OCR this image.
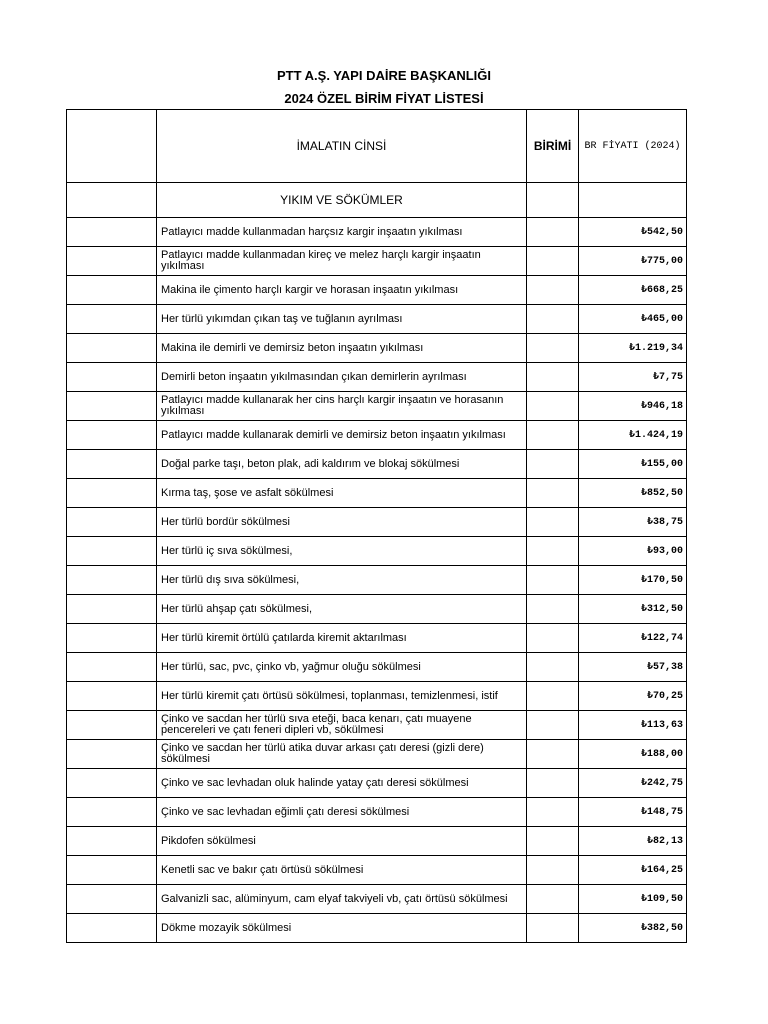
PTT A.Ş. YAPI DAİRE BAŞKANLIĞI
2024 ÖZEL BİRİM FİYAT LİSTESİ
	İMALATIN CİNSİ	BİRİMİ	BR FİYATI (2024)
	YIKIM VE SÖKÜMLER		
	Patlayıcı madde kullanmadan harçsız kargir inşaatın yıkılması		₺542,50
	Patlayıcı madde kullanmadan kireç ve melez harçlı kargir inşaatın yıkılması		₺775,00
	Makina ile çimento harçlı kargir ve horasan inşaatın yıkılması		₺668,25
	Her türlü yıkımdan çıkan taş ve tuğlanın ayrılması		₺465,00
	Makina ile demirli ve demirsiz beton inşaatın yıkılması		₺1.219,34
	Demirli beton inşaatın yıkılmasından çıkan demirlerin ayrılması		₺7,75
	Patlayıcı madde kullanarak her cins harçlı kargir inşaatın ve horasanın yıkılması		₺946,18
	Patlayıcı madde kullanarak demirli ve demirsiz beton inşaatın yıkılması		₺1.424,19
	Doğal parke taşı, beton plak, adi kaldırım ve blokaj sökülmesi		₺155,00
	Kırma taş, şose ve asfalt sökülmesi		₺852,50
	Her türlü bordür sökülmesi		₺38,75
	Her türlü iç sıva sökülmesi,		₺93,00
	Her türlü dış sıva sökülmesi,		₺170,50
	Her türlü ahşap çatı sökülmesi,		₺312,50
	Her türlü kiremit örtülü çatılarda kiremit aktarılması		₺122,74
	Her türlü, sac, pvc, çinko vb, yağmur oluğu sökülmesi		₺57,38
	Her türlü kiremit çatı örtüsü sökülmesi, toplanması, temizlenmesi, istif		₺70,25
	Çinko ve sacdan her türlü sıva eteği, baca kenarı, çatı muayene pencereleri ve çatı feneri dipleri vb, sökülmesi		₺113,63
	Çinko ve sacdan her türlü atika duvar arkası çatı deresi (gizli dere) sökülmesi		₺188,00
	Çinko ve sac levhadan oluk halinde yatay çatı deresi sökülmesi		₺242,75
	Çinko ve sac levhadan eğimli çatı deresi sökülmesi		₺148,75
	Pikdofen sökülmesi		₺82,13
	Kenetli sac ve bakır çatı örtüsü sökülmesi		₺164,25
	Galvanizli sac, alüminyum, cam elyaf takviyeli vb, çatı örtüsü sökülmesi		₺109,50
	Dökme mozayik sökülmesi		₺382,50
